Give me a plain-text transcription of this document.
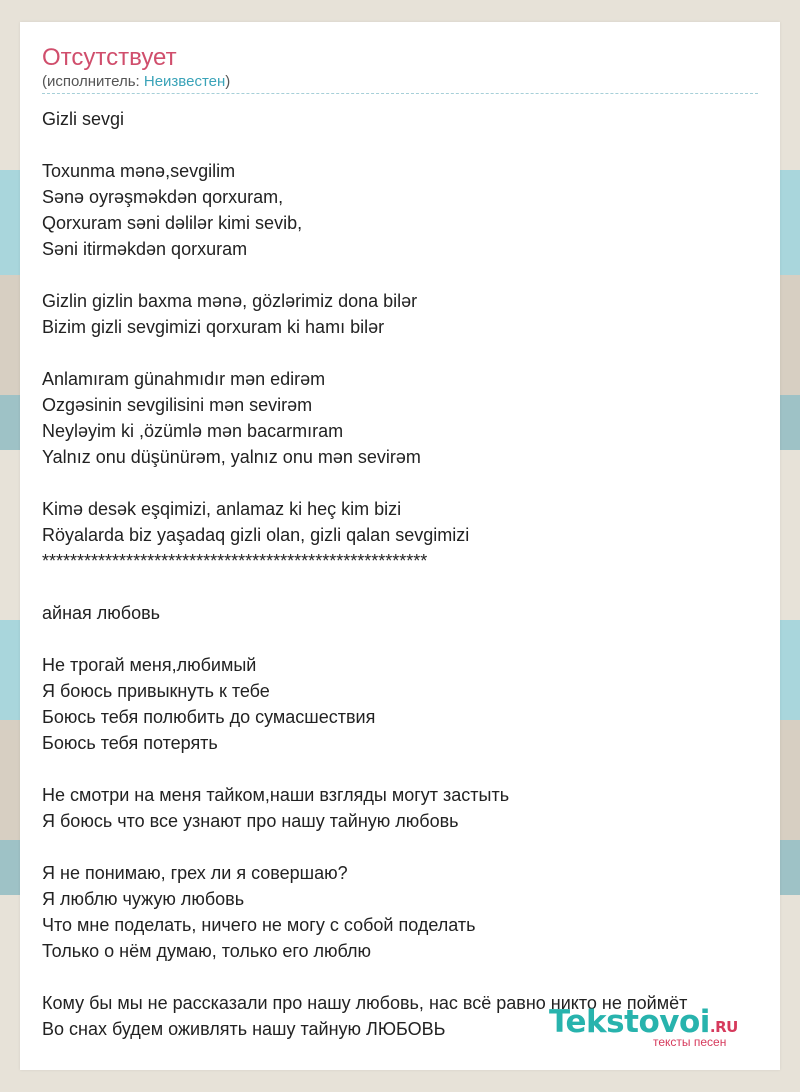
Отсутствует
(исполнитель: Неизвестен)
Gizli sevgi
Toxunma mənə,sevgilim
Sənə oyrəşməkdən qorxuram,
Qorxuram səni dəlilər kimi sevib,
Səni itirməkdən qorxuram
Gizlin gizlin baxma mənə, gözlərimiz dona bilər
Bizim gizli sevgimizi qorxuram ki hamı bilər
Anlamıram günahmıdır mən edirəm
Ozgəsinin sevgilisini mən sevirəm
Neyləyim ki ,özümlə mən bacarmıram
Yalnız onu düşünürəm, yalnız onu mən sevirəm
Kimə desək eşqimizi, anlamaz ki heç kim bizi
Röyalarda biz yaşadaq gizli olan, gizli qalan sevgimizi
*******************************************************
айная любовь
Не трогай меня,любимый
Я боюсь привыкнуть к тебе
Боюсь тебя полюбить до сумасшествия
Боюсь тебя потерять
Не смотри на меня тайком,наши взгляды могут застыть
Я боюсь что все узнают про нашу тайную любовь
Я не понимаю, грех ли я совершаю?
Я люблю чужую любовь
Что мне поделать, ничего не могу с собой поделать
Только о нём думаю, только его люблю
Кому бы мы не рассказали про нашу любовь, нас всё равно никто не поймёт
Во снах будем оживлять нашу тайную ЛЮБОВЬ	Tekstovoi.RU
тексты песен
